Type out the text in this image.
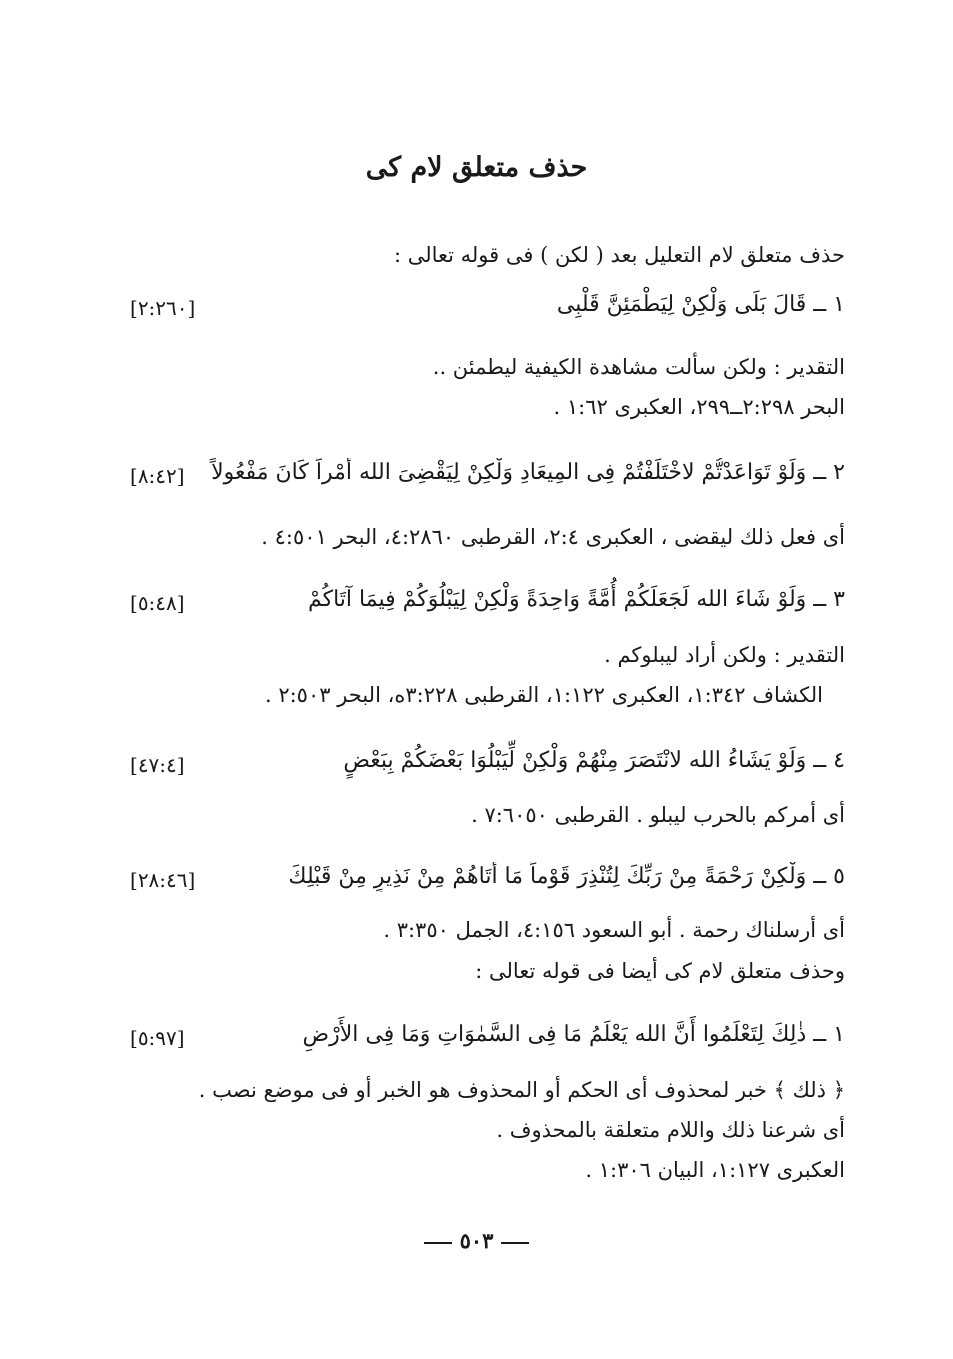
حذف متعلق لام كى
حذف متعلق لام التعليل بعد ( لكن ) فى قوله تعالى :
١ ــ قَالَ بَلَى وَلْكِنْ لِيَطْمَئِنَّ قَلْبِى
[٢:٢٦٠]
التقدير : ولكن سألت مشاهدة الكيفية ليطمئن ..
البحر ٢:٢٩٨ــ٢٩٩، العكبرى ١:٦٢ .
٢ ــ وَلَوْ تَوَاعَدْتُّمْ لاخْتَلَفْتُمْ فِى المِيعَادِ وَلْكِنْ لِيَقْضِىَ الله أَمْراً كَانَ مَفْعُولاً
[٨:٤٢]
أى فعل ذلك ليقضى ، العكبرى ٢:٤، القرطبى ٤:٢٨٦٠، البحر ٤:٥٠١ .
٣ ــ وَلَوْ شَاءَ الله لَجَعَلَكُمْ أُمَّةً وَاحِدَةً وَلْكِنْ لِيَبْلُوَكُمْ فِيمَا آتَاكُمْ
[٥:٤٨]
التقدير : ولكن أراد ليبلوكم .
الكشاف ١:٣٤٢، العكبرى ١:١٢٢، القرطبى ٣:٢٢٨ه، البحر ٢:٥٠٣ .
٤ ــ وَلَوْ يَشَاءُ الله لانْتَصَرَ مِنْهُمْ وَلْكِنْ لِّيَبْلُوَا بَعْضَكُمْ بِبَعْضٍ
[٤٧:٤]
أى أمركم بالحرب ليبلو . القرطبى ٧:٦٠٥٠ .
٥ ــ وَلْكِنْ رَحْمَةً مِنْ رَبِّكَ لِتُنْذِرَ قَوْماً مَا أَتَاهُمْ مِنْ نَذِيرٍ مِنْ قَبْلِكَ
[٢٨:٤٦]
أى أرسلناك رحمة . أبو السعود ٤:١٥٦، الجمل ٣:٣٥٠ .
وحذف متعلق لام كى أيضا فى قوله تعالى :
١ ــ ذٰلِكَ لِتَعْلَمُوا أَنَّ الله يَعْلَمُ مَا فِى السَّمٰوَاتِ وَمَا فِى الأَرْضِ
[٥:٩٧]
﴿ ذلك ﴾ خبر لمحذوف أى الحكم أو المحذوف هو الخبر أو فى موضع نصب .
أى شرعنا ذلك واللام متعلقة بالمحذوف .
العكبرى ١:١٢٧، البيان ١:٣٠٦ .
٥٠٣
